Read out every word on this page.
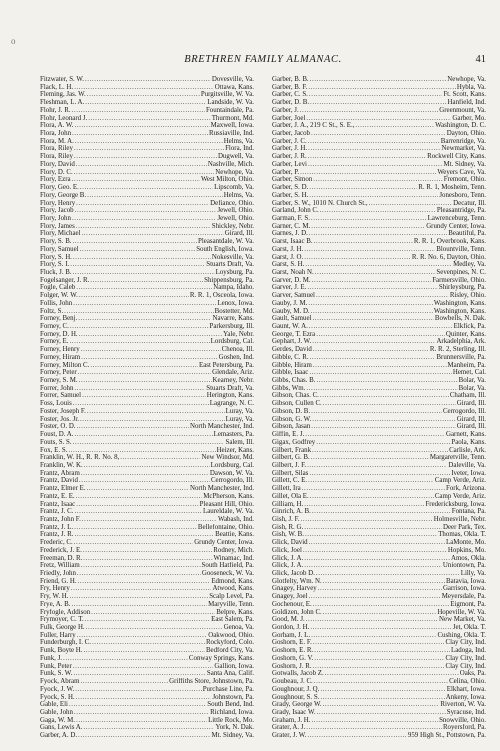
o
BRETHREN FAMILY ALMANAC.	41
Fitzwater, S. W. .....	Dovesville, Va.
Flack, L. H. .....	Ottawa, Kans.
Fleming, Jas. W. .....	Purgitsville, W. Va.
Fleshman, L. A. .....	Landside, W. Va.
Flohr, J. R. .....	Fountaindale, Pa.
Flohr, Leonard J. .....	Thurmont, Md.
Flora, A. W. .....	Maxwell, Iowa.
Flora, John .....	Russiaville, Ind.
Flora, M. A. .....	Helms, Va.
Flora, Riley .....	Flora, Ind.
Flora, Riley .....	Dugwell, Va.
Flory, David .....	Nashville, Mich.
Flory, D. C. .....	Newhope, Va.
Flory, Ezra .....	West Milton, Ohio.
Flory, Geo. E. .....	Lipscomb, Va.
Flory, George B. .....	Helms, Va.
Flory, Henry .....	Defiance, Ohio.
Flory, Jacob .....	Jewell, Ohio.
Flory, John .....	Jewell, Ohio.
Flory, James .....	Shickley, Nebr.
Flory, Michael .....	Girard, Ill.
Flory, S. B. .....	Pleasantdale, W. Va.
Flory, Samuel .....	South English, Iowa.
Flory, S. H. .....	Nokesville, Va.
Flory, S. I. .....	Stuarts Draft, Va.
Fluck, J. B. .....	Loysburg, Pa.
Fogelsanger, J. R. .....	Shippensburg, Pa.
Fogle, Caleb .....	Nampa, Idaho.
Folger, W. W. .....	R. R. 1, Osceola, Iowa.
Follis, John .....	Lenox, Iowa.
Foltz, S. .....	Bostetter, Md.
Forney, Benj. .....	Navarre, Kans.
Forney, C. .....	Parkersburg, Ill.
Forney, D. H. .....	Yale, Nebr.
Forney, E. .....	Lordsburg, Cal.
Forney, Henry .....	Chenoa, Ill.
Forney, Hiram .....	Goshen, Ind.
Forney, Milton C. .....	East Petersburg, Pa.
Forney, Peter .....	Glendale, Ariz.
Forney, S. M. .....	Kearney, Nebr.
Forrer, John .....	Stuarts Draft, Va.
Forrer, Samuel .....	Herington, Kans.
Foss, Louis .....	Lagrange, N. C.
Foster, Joseph F. .....	Luray, Va.
Foster, Jos. Jr. .....	Luray, Va.
Foster, O. D. .....	North Manchester, Ind.
Foust, D. A. .....	Lemasters, Pa.
Fouts, S. S. .....	Salem, Ill.
Fox, E. S. .....	Heizer, Kans.
Franklin, W. H., R. R. No. 8, .....	New Windsor, Md.
Franklin, W. K. .....	Lordsburg, Cal.
Frantz, Abram .....	Dawson, W. Va.
Frantz, David .....	Cerrogordo, Ill.
Frantz, Elmer E. .....	North Manchester, Ind.
Frantz, E. E. .....	McPherson, Kans.
Frantz, Isaac .....	Pleasant Hill, Ohio.
Frantz, J. C. .....	Laureldale, W. Va.
Frantz, John F. .....	Wabash, Ind.
Frantz, J. L. .....	Bellefontaine, Ohio.
Frantz, J. R. .....	Beattie, Kans.
Frederic, C. .....	Grundy Center, Iowa.
Frederick, J. E. .....	Rodney, Mich.
Freeman, D. R. .....	Winamac, Ind.
Fretz, William .....	South Hatfield, Pa.
Friedly, John .....	Gooseneck, W. Va.
Friend, G. H. .....	Edmond, Kans.
Fry, Henry .....	Atwood, Kans.
Fry, W. H. .....	Scalp Level, Pa.
Frye, A. B. .....	Maryville, Tenn.
Fryfogle, Addison .....	Belpre, Kans.
Frymoyer, C. T. .....	East Salem, Pa.
Fulk, George H. .....	Genoa, Va.
Fuller, Harry .....	Oakwood, Ohio.
Funderburgh, I. C. .....	Rockyford, Colo.
Funk, Boyte H. .....	Bedford City, Va.
Funk, J. .....	Conway Springs, Kans.
Funk, Peter .....	Gallion, Iowa.
Funk, S. W. .....	Santa Ana, Calif.
Fyock, Abram .....	Griffiths Store, Johnstown, Pa.
Fyock, J. W. .....	Purchase Line, Pa.
Fyock, S. H. .....	Johnstown, Pa.
Gable, Eli .....	South Bend, Ind.
Gable, John .....	Richland, Iowa.
Gaga, W. M. .....	Little Rock, Mo.
Gans, Lewis A. .....	York, N. Dak.
Garber, A. D. .....	Mt. Sidney, Va.
Garber, B. B. .....	Newhope, Va.
Garber, B. F. .....	Hybla, Va.
Garber, C. S. .....	Ft. Scott, Kans.
Garber, D. B. .....	Hanfield, Ind.
Garber, J. .....	Greenmount, Va.
Garber, Joel .....	Garber, Mo.
Garber, J. A., 219 C St., S. E., .....	Washington, D. C.
Garber, Jacob .....	Dayton, Ohio.
Garber, J. C. .....	Barrenridge, Va.
Garber, J. H. .....	Newmarket, Va.
Garber, J. R. .....	Rockwell City, Kans.
Garber, Levi .....	Mt. Sidney, Va.
Garber, P. .....	Weyers Cave, Va.
Garber, Simon .....	Fremont, Ohio.
Garber, S. D. .....	R. R. 1, Mosheim, Tenn.
Garber, S. H. .....	Jonesboro, Tenn.
Garber, S. W., 1010 N. Church St., .....	Decatur, Ill.
Garland, John C. .....	Pleasantridge, Pa.
Garman, F. S. .....	Lawrenceburg, Tenn.
Garner, C. M. .....	Grundy Center, Iowa.
Garnes, J. D. .....	Beautiful, Pa.
Garst, Isaac B. .....	R. R. 1, Overbrook, Kans.
Garst, J. H. .....	Blountville, Tenn.
Garst, J. O. .....	R. R. No. 6, Dayton, Ohio.
Garst, S. H. .....	Medley, Va.
Garst, Noah N. .....	Sevenpines, N. C.
Garver, D. M. .....	Farmersville, Ohio.
Garver, J. E. .....	Shirleysburg, Pa.
Garver, Samuel .....	Risley, Ohio.
Gauby, J. M. .....	Washington, Kans.
Gauby, M. D. .....	Washington, Kans.
Gault, Samuel .....	Bowbells, N. Dak.
Gaunt, W. A. .....	Elkfick, Pa.
George, T. Ezra .....	Quinter, Kans.
Gephart, J. W. .....	Arkadelphia, Ark.
Gerdes, David .....	R. R. 2, Sterling, Ill.
Gibble, C. R. .....	Brunnersville, Pa.
Gibble, Hiram .....	Manheim, Pa.
Gibble, Isaac .....	Hemet, Cal.
Gibbs, Chas. B. .....	Bolar, Va.
Gibbs, Wm. .....	Bolar, Va.
Gibson, Chas. C. .....	Chatham, Ill.
Gibson, Cullen C. .....	Girard, Ill.
Gibson, D. B. .....	Cerrogordo, Ill.
Gibson, G. W. .....	Girard, Ill.
Gibson, Jasan .....	Girard, Ill.
Giffin, E. J. .....	Garnett, Kans.
Gigax, Godfrey .....	Paola, Kans.
Gilbert, Frank .....	Carlisle, Ark.
Gilbert, G. B. .....	Margaretville, Tenn.
Gilbert, J. F. .....	Daleville, Va.
Gilbert, Silas .....	Iveter, Iowa.
Gillett, C. E. .....	Camp Verde, Ariz.
Gillett, Ira .....	Fork, Arizona.
Gillet, Ola E. .....	Camp Verde, Ariz.
Gilliam, H. .....	Fredericksburg, Iowa.
Ginrich, A. B. .....	Fontana, Pa.
Gish, J. F. .....	Holmesville, Nebr.
Gish, R. G. .....	Deer Park, Tex.
Gish, W. B. .....	Thomas, Okla. T.
Glick, David .....	LaMonte, Mo.
Glick, Joel .....	Hopkins, Mo.
Glick, J. A. .....	Amos, Okla.
Glick, J. A. .....	Uniontown, Pa.
Glick, Jacob D. .....	Lilly, Va.
Glotfelty, Wm. N. .....	Batavia, Iowa.
Gnagey, Harvey .....	Garrison, Iowa.
Gnagey, Joel .....	Meyersdale, Pa.
Gochenour, E. .....	Eigmont, Pa.
Goldizen, John C. .....	Hopeville, W. Va.
Good, M. J. .....	New Market, Va.
Gordon, J. H. .....	Jet, Okla. T.
Gorham, J. L. .....	Cushing, Okla. T.
Goshorn, E. F. .....	Clay City, Ind.
Goshorn, E. R. .....	Ladoga, Ind.
Goshorn, G. V. .....	Clay City, Ind.
Goshorn, J. R. .....	Clay City, Ind.
Gotwalls, Jacob Z. .....	Oaks, Pa.
Goubeau, J. C. .....	Celina, Ohio.
Goughnour, J. Q. .....	Elkhart, Iowa.
Goughnour, S. S. .....	Ankeny, Iowa.
Grady, George W. .....	Riverton, W. Va.
Grady, Isaac W. .....	Syracuse, Ind.
Graham, J. H. .....	Snowville, Ohio.
Grater, A. J. .....	Royersford, Pa.
Grater, J. W. .....	959 High St., Pottstown, Pa.
